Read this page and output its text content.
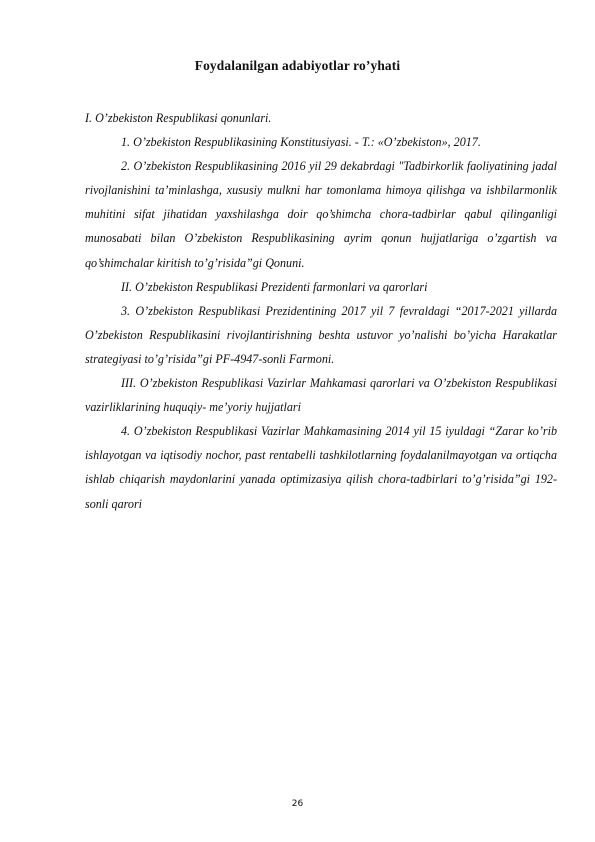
Foydalanilgan adabiyotlar ro’yhati

I. O’zbekiston Respublikasi qonunlari.

1. O’zbekiston Respublikasining Konstitusiyasi. - T.: «O’zbekiston», 2017.

2. O’zbekiston Respublikasining 2016 yil 29 dekabrdagi "Tadbirkorlik faoliyatining jadal rivojlanishini ta’minlashga, xususiy mulkni har tomonlama himoya qilishga va ishbilarmonlik muhitini sifat jihatidan yaxshilashga doir qo’shimcha chora-tadbirlar qabul qilinganligi munosabati bilan O’zbekiston Respublikasining ayrim qonun hujjatlariga o’zgartish va qo’shimchalar kiritish to’g’risida”gi Qonuni.

II. O’zbekiston Respublikasi Prezidenti farmonlari va qarorlari

3. O’zbekiston Respublikasi Prezidentining 2017 yil 7 fevraldagi “2017-2021 yillarda O’zbekiston Respublikasini rivojlantirishning beshta ustuvor yo’nalishi bo’yicha Harakatlar strategiyasi to’g’risida”gi PF-4947-sonli Farmoni.

III. O’zbekiston Respublikasi Vazirlar Mahkamasi qarorlari va O’zbekiston Respublikasi vazirliklarining huquqiy- me’yoriy hujjatlari

4. O’zbekiston Respublikasi Vazirlar Mahkamasining 2014 yil 15 iyuldagi “Zarar ko’rib ishlayotgan va iqtisodiy nochor, past rentabelli tashkilotlarning foydalanilmayotgan va ortiqcha ishlab chiqarish maydonlarini yanada optimizasiya qilish chora-tadbirlari to’g’risida”gi 192-sonli qarori

26
